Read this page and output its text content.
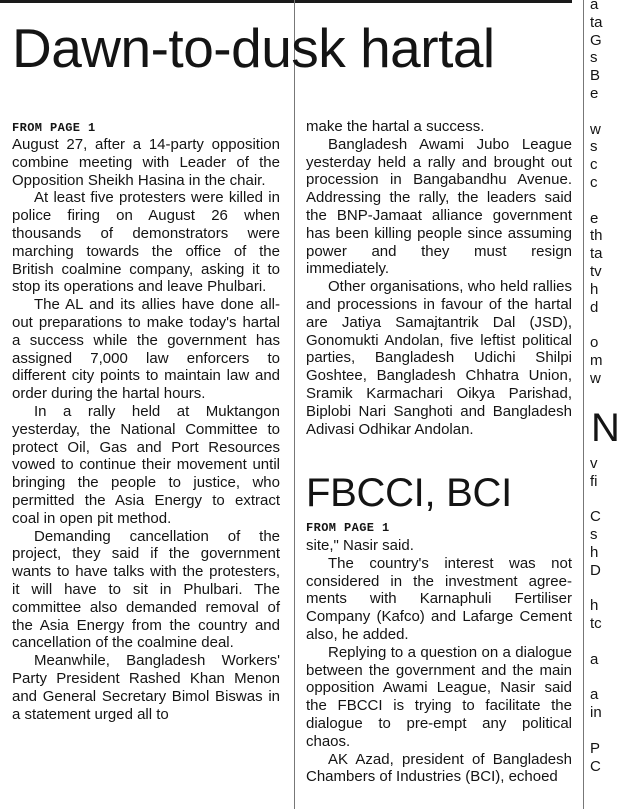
Dawn-to-dusk hartal
FROM PAGE 1

August 27, after a 14-party opposition combine meeting with Leader of the Opposition Sheikh Hasina in the chair.

At least five protesters were killed in police firing on August 26 when thousands of demonstrators were marching towards the office of the British coalmine company, asking it to stop its operations and leave Phulbari.

The AL and its allies have done allout preparations to make today's hartal a success while the government has assigned 7,000 law enforcers to different city points to maintain law and order during the hartal hours.

In a rally held at Muktangon yesterday, the National Committee to protect Oil, Gas and Port Resources vowed to continue their movement until bringing the people to justice, who permitted the Asia Energy to extract coal in open pit method.

Demanding cancellation of the project, they said if the government wants to have talks with the protesters, it will have to sit in Phulbari. The committee also demanded removal of the Asia Energy from the country and cancellation of the coalmine deal.

Meanwhile, Bangladesh Workers' Party President Rashed Khan Menon and General Secretary Bimol Biswas in a statement urged all to

make the hartal a success.

Bangladesh Awami Jubo League yesterday held a rally and brought out procession in Bangabandhu Avenue. Addressing the rally, the leaders said the BNP-Jamaat alliance government has been killing people since assuming power and they must resign immediately.

Other organisations, who held rallies and processions in favour of the hartal are Jatiya Samajtantrik Dal (JSD), Gonomukti Andolan, five leftist political parties, Bangladesh Udichi Shilpi Goshtee, Bangladesh Chhatra Union, Sramik Karmachari Oikya Parishad, Biplobi Nari Sanghoti and Bangladesh Adivasi Odhikar Andolan.

FBCCI, BCI
FROM PAGE 1

site," Nasir said.

The country's interest was not considered in the investment agreements with Karnaphuli Fertiliser Company (Kafco) and Lafarge Cement also, he added.

Replying to a question on a dialogue between the government and the main opposition Awami League, Nasir said the FBCCI is trying to facilitate the dialogue to pre-empt any political chaos.

AK Azad, president of Bangladesh Chambers of Industries (BCI), echoed

a
ta
G
s
B
e
w
s
c
c
e
th
ta
tv
h
d
o
m
w
N
v
fi
C
s
h
D
h
tc
a
a
in
P
C
